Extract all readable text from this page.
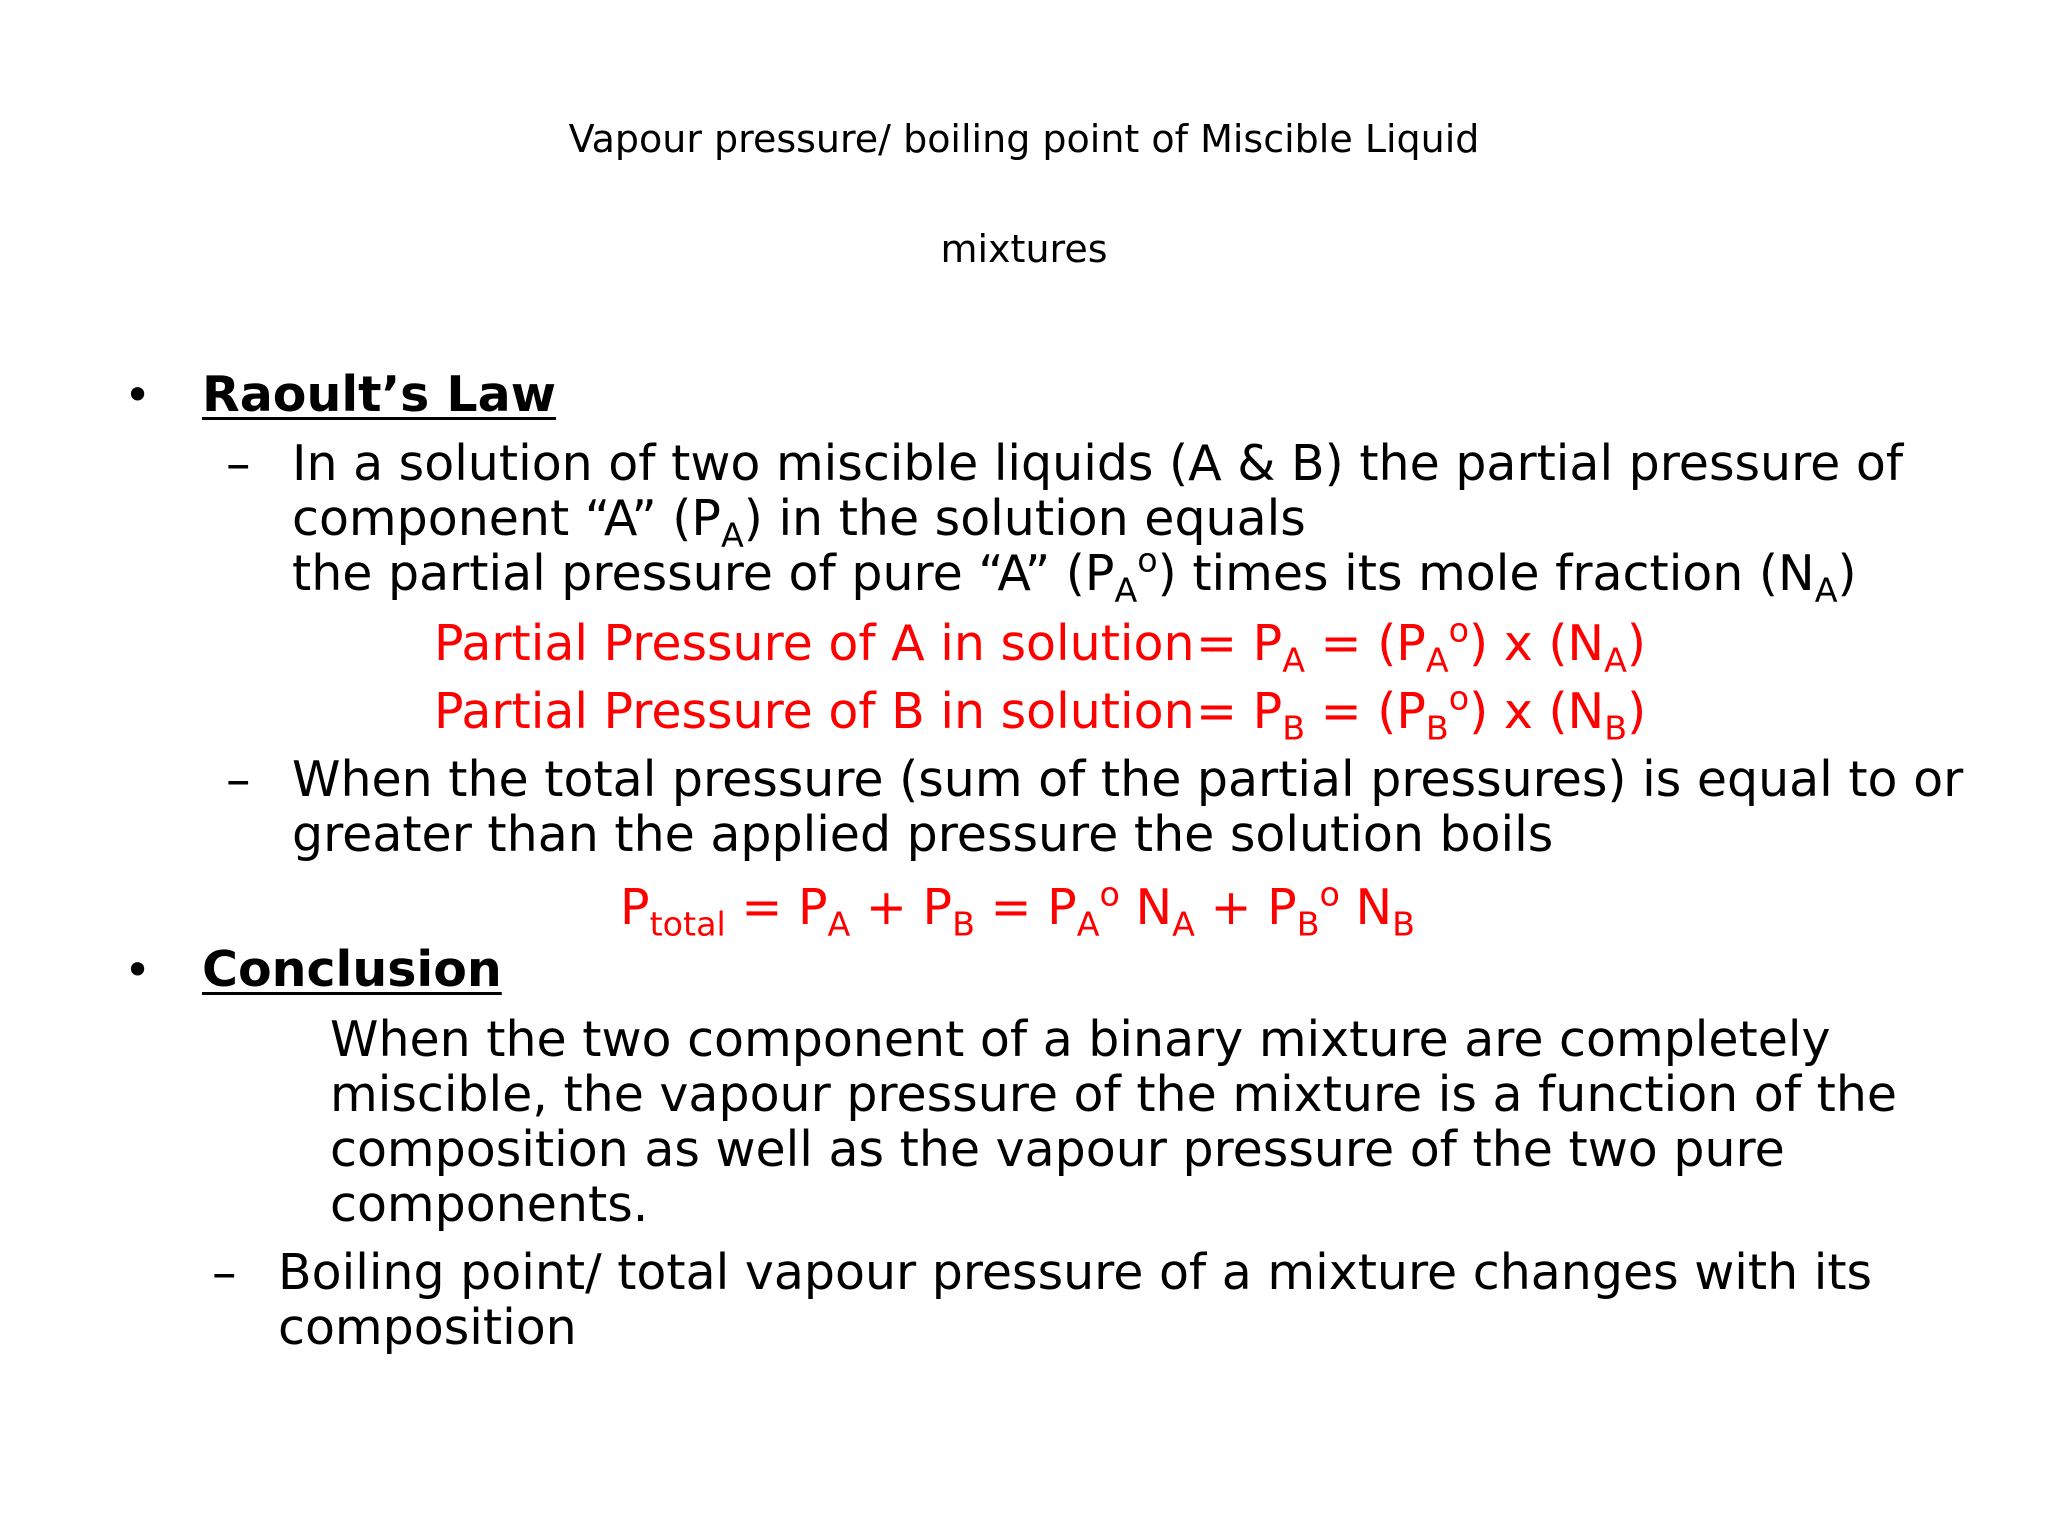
Vapour pressure/ boiling point of Miscible Liquid
mixtures
• Raoult’s Law
– In a solution of two miscible liquids (A & B) the partial pressure of
component “A” $(P_A)$ in the solution equals
the partial pressure of pure “A” $(P_A^o)$ times its mole fraction $(N_A)$
Partial Pressure of A in solution = $P_A = (P_A^o)$ x $(N_A)$
Partial Pressure of B in solution = $P_B = (P_B^o)$ x $(N_B)$
– When the total pressure (sum of the partial pressures) is equal to or
greater than the applied pressure the solution boils
$P_{total} = P_A + P_B = P_A^o$ $N_A + P_B^o$ $N_B$
• Conclusion
When the two component of a binary mixture are completely
miscible, the vapour pressure of the mixture is a function of the
composition as well as the vapour pressure of the two pure
components.
– Boiling point/ total vapour pressure of a mixture changes with its
composition
